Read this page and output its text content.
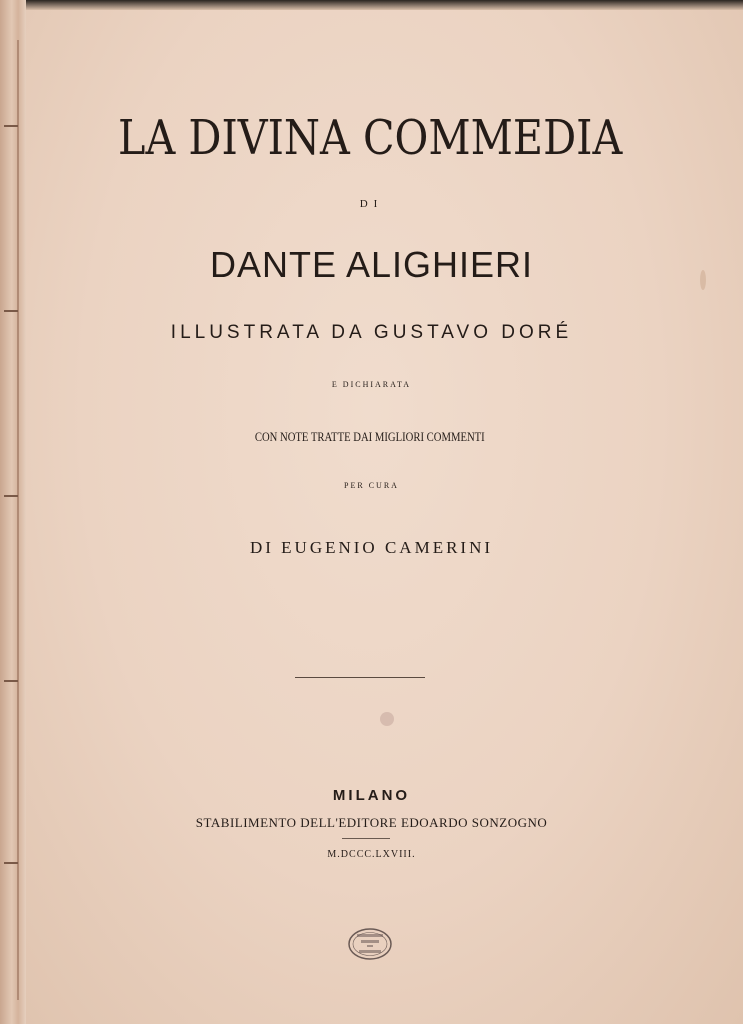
LA DIVINA COMMEDIA
DI
DANTE ALIGHIERI
ILLUSTRATA DA GUSTAVO DORÉ
E DICHIARATA
CON NOTE TRATTE DAI MIGLIORI COMMENTI
PER CURA
DI EUGENIO CAMERINI
MILANO
STABILIMENTO DELL'EDITORE EDOARDO SONZOGNO
M.DCCC.LXVIII.
